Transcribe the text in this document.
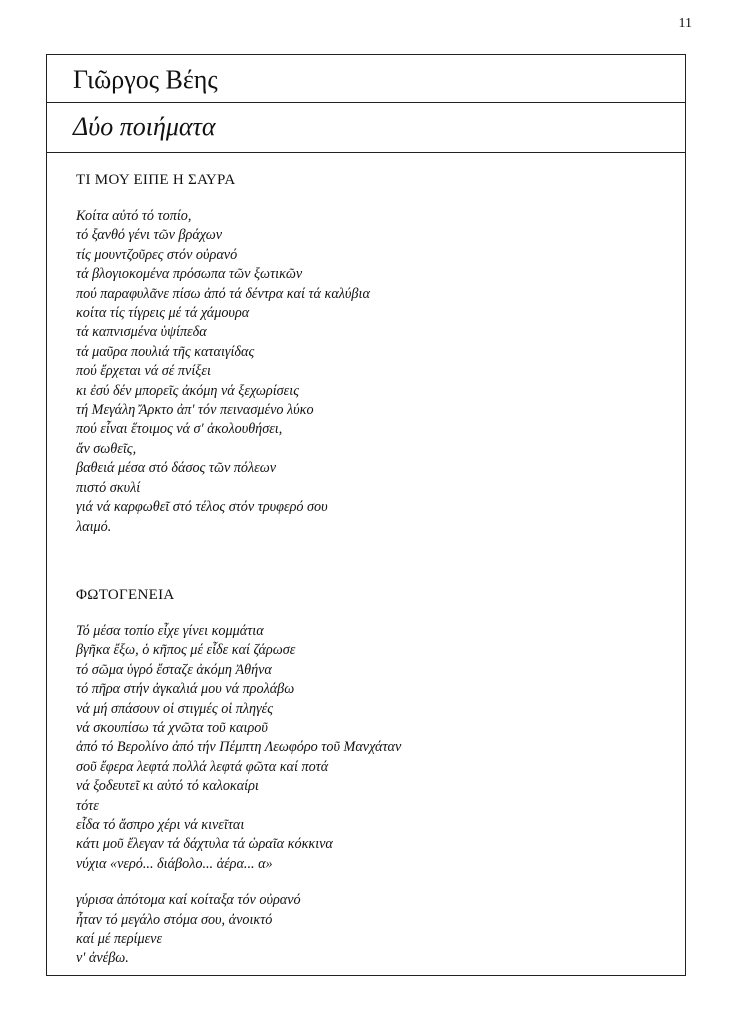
11
Γιῶργος Βέης
Δύο ποιήματα
ΤΙ ΜΟΥ ΕΙΠΕ Η ΣΑΥΡΑ
Κοίτα αὐτό τό τοπίο,
τό ξανθό γένι τῶν βράχων
τίς μουντζοῦρες στόν οὐρανό
τά βλογιοκομένα πρόσωπα τῶν ξωτικῶν
πού παραφυλᾶνε πίσω ἀπό τά δέντρα καί τά καλύβια
κοίτα τίς τίγρεις μέ τά χάμουρα
τά καπνισμένα ὑψίπεδα
τά μαῦρα πουλιά τῆς καταιγίδας
πού ἔρχεται νά σέ πνίξει
κι ἐσύ δέν μπορεῖς ἀκόμη νά ξεχωρίσεις
τή Μεγάλη Ἄρκτο ἀπ' τόν πεινασμένο λύκο
πού εἶναι ἕτοιμος νά σ' ἀκολουθήσει,
ἄν σωθεῖς,
βαθειά μέσα στό δάσος τῶν πόλεων
πιστό σκυλί
γιά νά καρφωθεῖ στό τέλος στόν τρυφερό σου
λαιμό.
ΦΩΤΟΓΕΝΕΙΑ
Τό μέσα τοπίο εἶχε γίνει κομμάτια
βγῆκα ἔξω, ὁ κῆπος μέ εἶδε καί ζάρωσε
τό σῶμα ὑγρό ἔσταζε ἀκόμη Ἀθήνα
τό πῆρα στήν ἀγκαλιά μου νά προλάβω
νά μή σπάσουν οἱ στιγμές οἱ πληγές
νά σκουπίσω τά χνῶτα τοῦ καιροῦ
ἀπό τό Βερολίνο ἀπό τήν Πέμπτη Λεωφόρο τοῦ Μανχάταν
σοῦ ἔφερα λεφτά πολλά λεφτά φῶτα καί ποτά
νά ξοδευτεῖ κι αὐτό τό καλοκαίρι
τότε
εἶδα τό ἄσπρο χέρι νά κινεῖται
κάτι μοῦ ἔλεγαν τά δάχτυλα τά ὡραῖα κόκκινα
νύχια «νερό... διάβολο... ἀέρα... α»
γύρισα ἀπότομα καί κοίταξα τόν οὐρανό
ἦταν τό μεγάλο στόμα σου, ἀνοικτό
καί μέ περίμενε
ν' ἀνέβω.
